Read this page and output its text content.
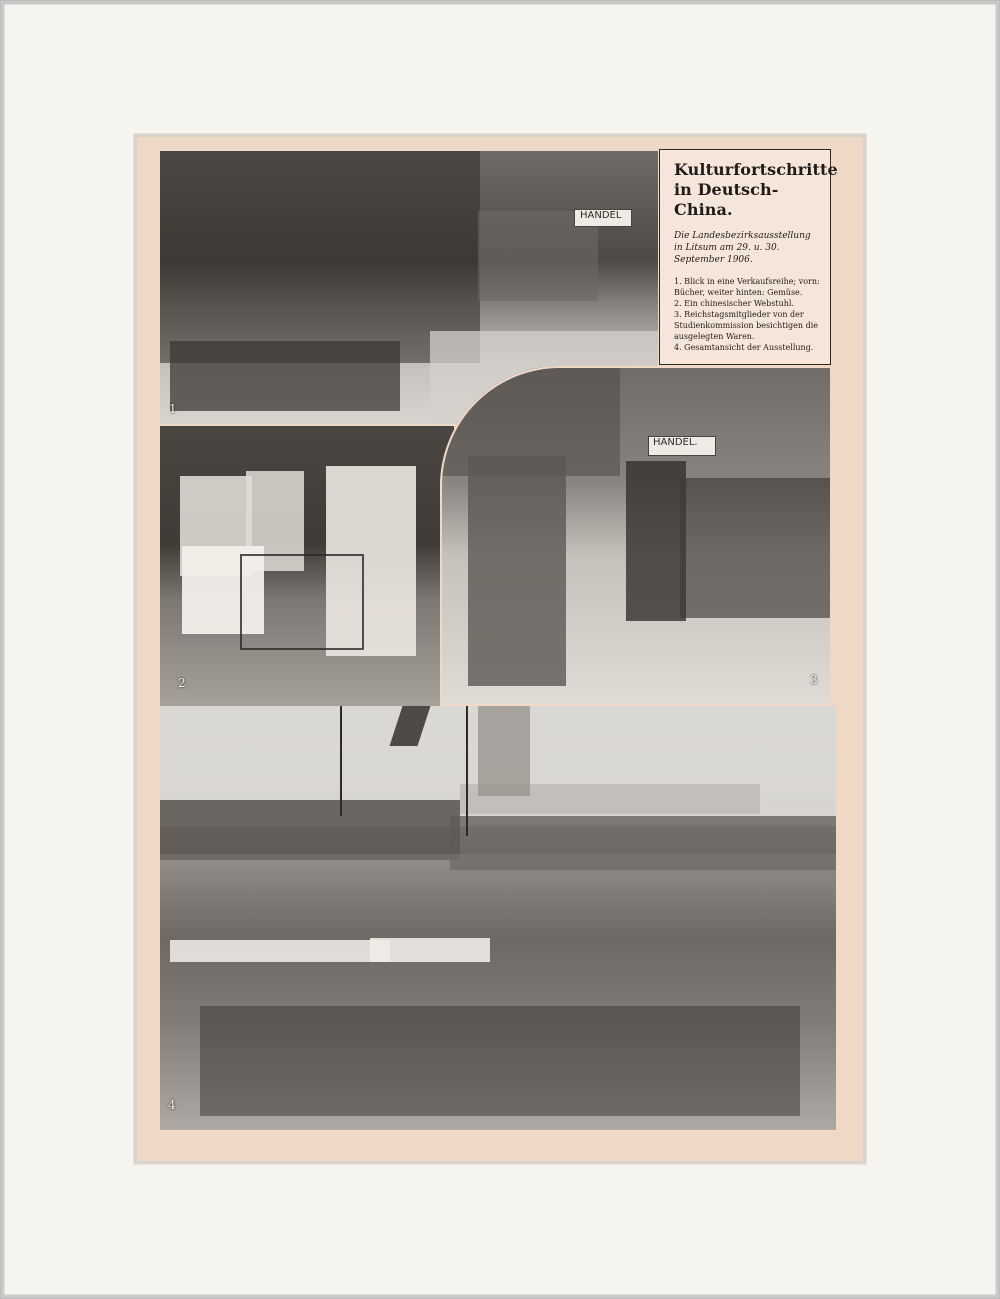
HANDEL
1
Kulturfortschritte
in Deutsch-China.
Die Landesbezirksausstellung in Litsum am 29. u. 30. September 1906.
1. Blick in eine Verkaufsreihe; vorn: Bücher, weiter hinten: Gemüse.
2. Ein chinesischer Webstuhl.
3. Reichstagsmitglieder von der Studienkommission besichtigen die ausgelegten Waren.
4. Gesamtansicht der Ausstellung.
2
HANDEL.
3
4
